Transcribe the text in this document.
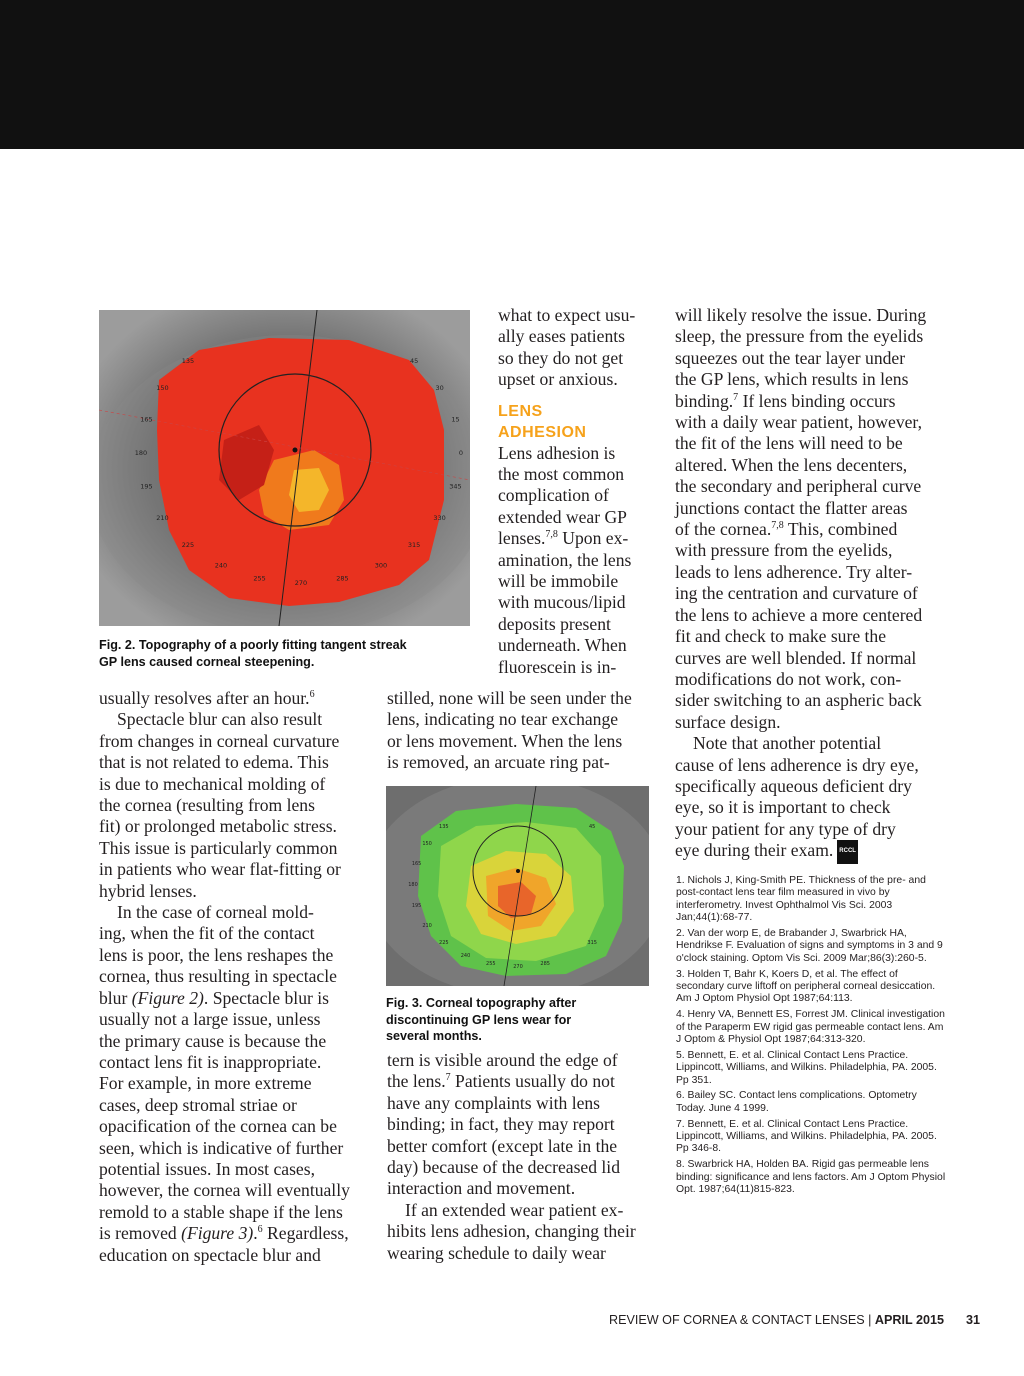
135	45
150	30
165	15
180	0
195	345
210	330
225	315
240	300
255
270
285
Fig. 2. Topography of a poorly fitting tangent streak
GP lens caused corneal steepening.

usually resolves after an hour.$^6$

Spectacle blur can also result
from changes in corneal curvature
that is not related to edema. This
is due to mechanical molding of
the cornea (resulting from lens
fit) or prolonged metabolic stress.
This issue is particularly common
in patients who wear flat-fitting or
hybrid lenses.
In the case of corneal mold-
ing, when the fit of the contact
lens is poor, the lens reshapes the
cornea, thus resulting in spectacle
blur (Figure 2). Spectacle blur is
usually not a large issue, unless
the primary cause is because the
contact lens fit is inappropriate.
For example, in more extreme
cases, deep stromal striae or
opacification of the cornea can be
seen, which is indicative of further
potential issues. In most cases,
however, the cornea will eventually
remold to a stable shape if the lens
is removed (Figure 3).$^6$ Regardless,
education on spectacle blur and
what to expect usu-
ally eases patients
so they do not get
upset or anxious.
LENS
ADHESION
Lens adhesion is
the most common
complication of
extended wear GP
lenses.$^{7,8}$ Upon ex-
amination, the lens
will be immobile
with mucous/lipid
deposits present
underneath. When
fluorescein is in-
stilled, none will be seen under the
lens, indicating no tear exchange
or lens movement. When the lens
is removed, an arcuate ring pat-
135	45
150
165
180
195
210
225
240
255	270	285
315
Fig. 3. Corneal topography after
discontinuing GP lens wear for
several months.
tern is visible around the edge of
the lens.$^7$ Patients usually do not
have any complaints with lens
binding; in fact, they may report
better comfort (except late in the
day) because of the decreased lid
interaction and movement.
If an extended wear patient ex-
hibits lens adhesion, changing their
wearing schedule to daily wear
will likely resolve the issue. During
sleep, the pressure from the eyelids
squeezes out the tear layer under
the GP lens, which results in lens
binding.$^7$ If lens binding occurs
with a daily wear patient, however,
the fit of the lens will need to be
altered. When the lens decenters,
the secondary and peripheral curve
junctions contact the flatter areas
of the cornea.$^{7,8}$ This, combined
with pressure from the eyelids,
leads to lens adherence. Try alter-
ing the centration and curvature of
the lens to achieve a more centered
fit and check to make sure the
curves are well blended. If normal
modifications do not work, con-
sider switching to an aspheric back
surface design.
Note that another potential
cause of lens adherence is dry eye,
specifically aqueous deficient dry
eye, so it is important to check
your patient for any type of dry
eye during their exam. RCCL
1. Nichols J, King-Smith PE. Thickness of the pre- and post-contact lens tear film measured in vivo by interferometry. Invest Ophthalmol Vis Sci. 2003 Jan;44(1):68-77.
2. Van der worp E, de Brabander J, Swarbrick HA, Hendrikse F. Evaluation of signs and symptoms in 3 and 9 o'clock staining. Optom Vis Sci. 2009 Mar;86(3):260-5.
3. Holden T, Bahr K, Koers D, et al. The effect of secondary curve liftoff on peripheral corneal desiccation. Am J Optom Physiol Opt 1987;64:113.
4. Henry VA, Bennett ES, Forrest JM. Clinical investigation of the Paraperm EW rigid gas permeable contact lens. Am J Optom & Physiol Opt 1987;64:313-320.
5. Bennett, E. et al. Clinical Contact Lens Practice. Lippincott, Williams, and Wilkins. Philadelphia, PA. 2005. Pp 351.
6. Bailey SC. Contact lens complications. Optometry Today. June 4 1999.
7. Bennett, E. et al. Clinical Contact Lens Practice. Lippincott, Williams, and Wilkins. Philadelphia, PA. 2005. Pp 346-8.
8. Swarbrick HA, Holden BA. Rigid gas permeable lens binding: significance and lens factors. Am J Optom Physiol Opt. 1987;64(11)815-823.
REVIEW OF CORNEA & CONTACT LENSES | APRIL 2015 31
